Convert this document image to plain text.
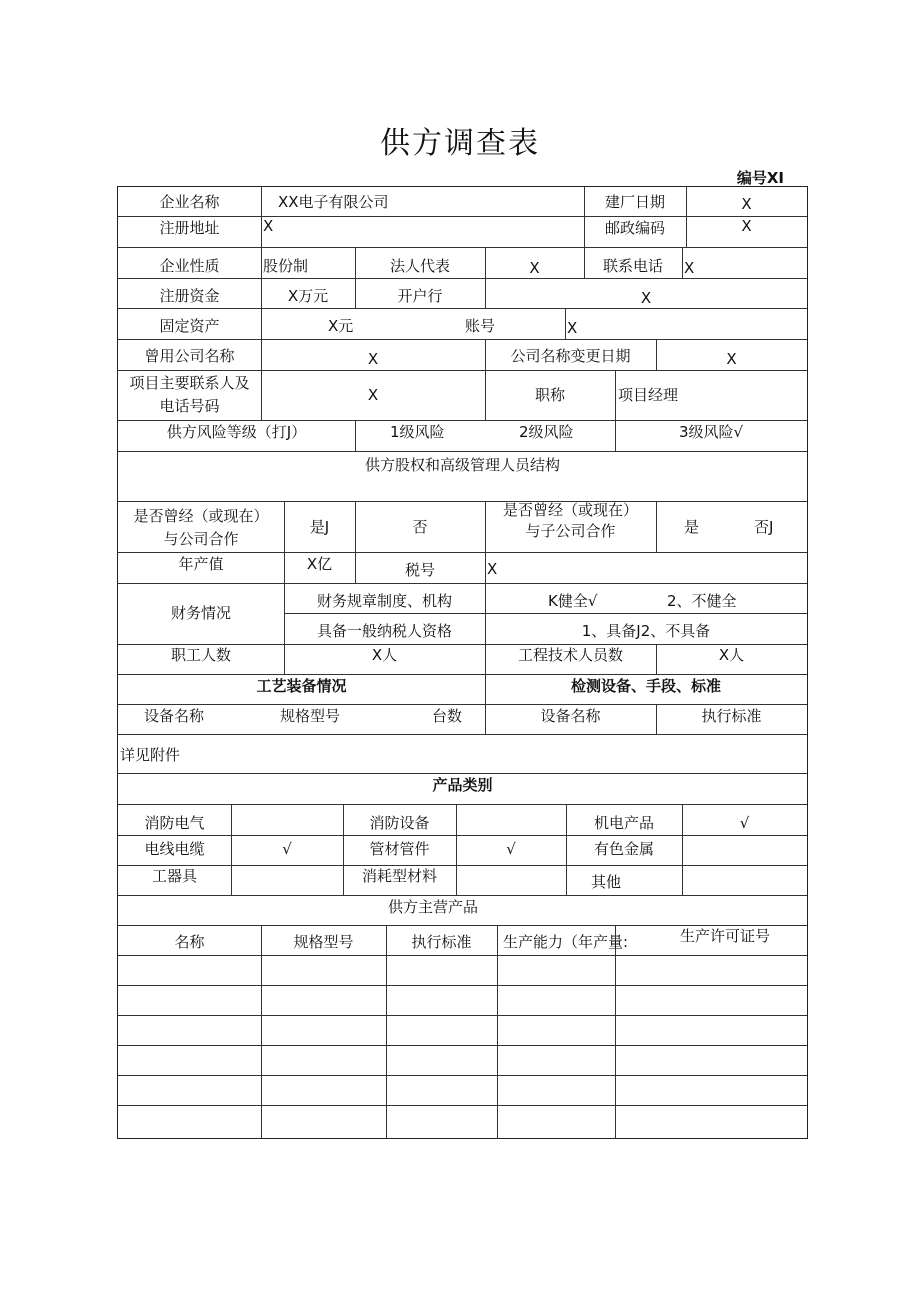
供方调查表
编号XI
企业名称	XX电子有限公司	建厂日期	X
注册地址	X	邮政编码	X
企业性质	股份制	法人代表	X	联系电话	X
注册资金	X万元	开户行	X
固定资产	X元	账号	X
曾用公司名称	X	公司名称变更日期	X
项目主要联系人及
电话号码
X	职称	项目经理
供方风险等级（打J）	1级风险	2级风险	3级风险√
供方股权和高级管理人员结构
是否曾经（或现在）
与公司合作
是J	否
是否曾经（或现在）
与子公司合作	是	否J
年产值	X亿	税号	X
财务情况
财务规章制度、机构	K健全√	2、不健全
具备一般纳税人资格	1、具备J2、不具备
职工人数	X人	工程技术人员数	X人
工艺装备情况	检测设备、手段、标准
设备名称	规格型号	台数	设备名称	执行标准
详见附件
产品类别
消防电气	消防设备	机电产品	√
电线电缆	√	管材管件	√	有色金属
工器具	消耗型材料	其他
供方主营产品
名称	规格型号	执行标准	生产能力（年产量:	生产许可证号
